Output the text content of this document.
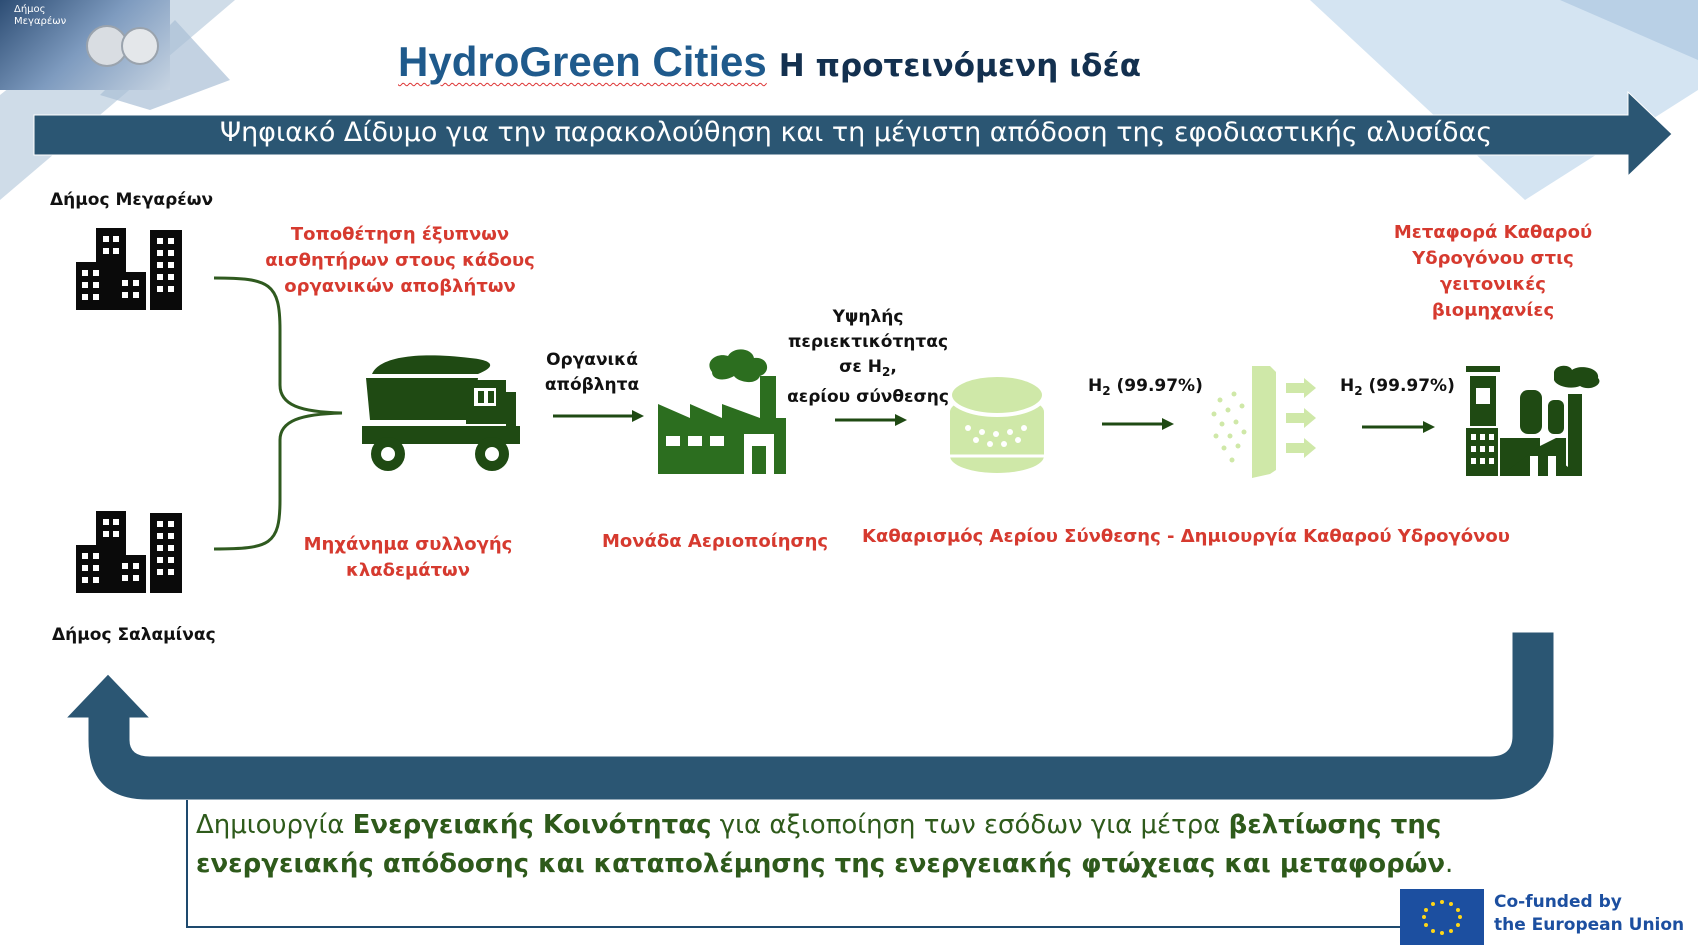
Δήμος
Μεγαρέων
HydroGreen Cities Η προτεινόμενη ιδέα
Ψηφιακό Δίδυμο για την παρακολούθηση και τη μέγιστη απόδοση της εφοδιαστικής αλυσίδας
Δήμος Μεγαρέων
Δήμος Σαλαμίνας
Τοποθέτηση έξυπνων
αισθητήρων στους κάδους
οργανικών αποβλήτων
Μηχάνημα συλλογής
κλαδεμάτων
Μονάδα Αεριοποίησης Καθαρισμός Αερίου Σύνθεσης - Δημιουργία Καθαρού Υδρογόνου
Μεταφορά Καθαρού
Υδρογόνου στις γειτονικές
βιομηχανίες
Οργανικά
απόβλητα
Υψηλής
περιεκτικότητας
σε $H_2$,
αερίου σύνθεσης
$H_2$ (99.97%)	$H_2$ (99.97%)
Δημιουργία Ενεργειακής Κοινότητας για αξιοποίηση των εσόδων για μέτρα βελτίωσης της ενεργειακής απόδοσης και καταπολέμησης της ενεργειακής φτώχειας και μεταφορών.
Co-funded by
the European Union
